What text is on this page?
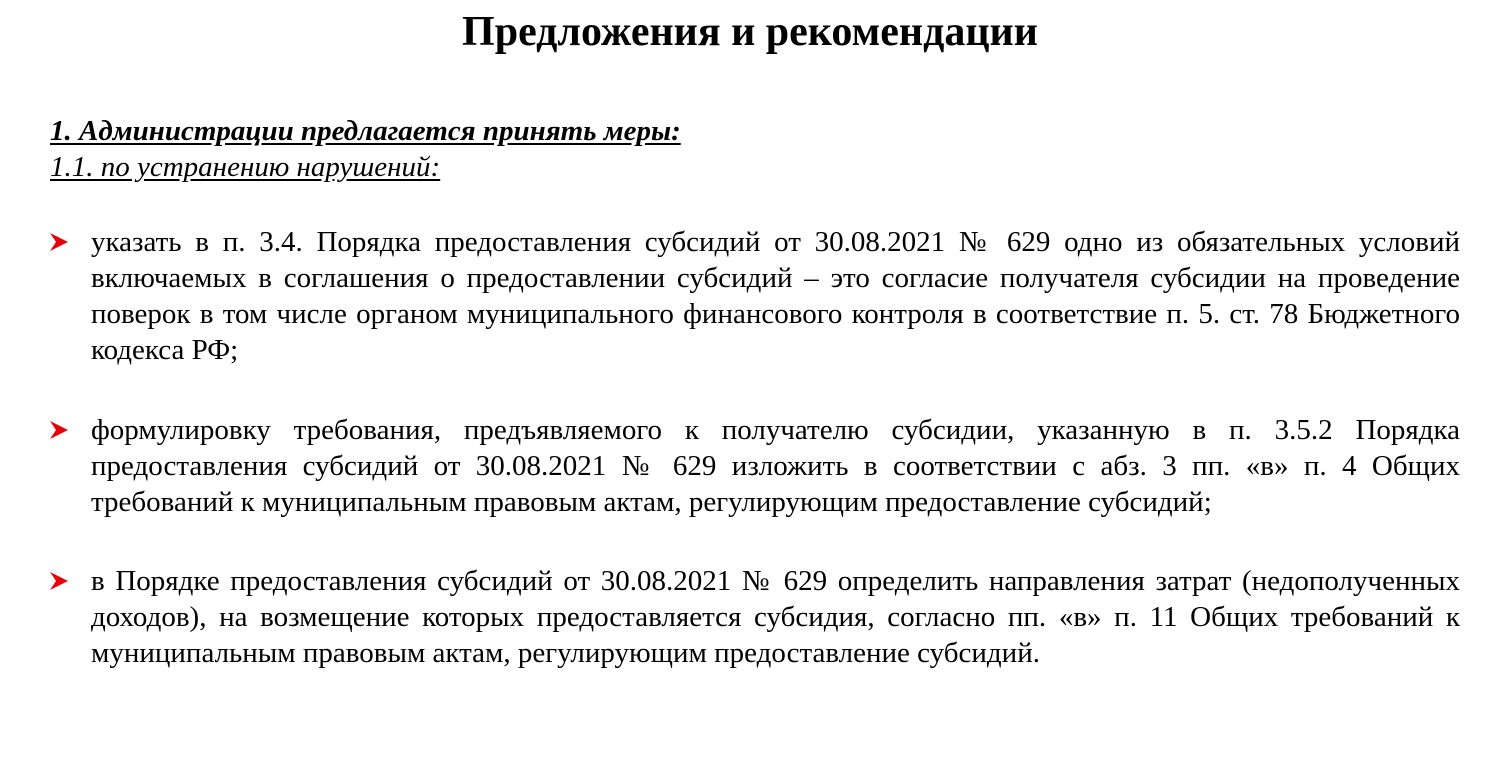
Предложения и рекомендации

1. Администрации предлагается принять меры:

1.1. по устранению нарушений:

указать в п. 3.4. Порядка предоставления субсидий от 30.08.2021 № 629 одно из обязательных условий включаемых в соглашения о предоставлении субсидий – это согласие получателя субсидии на проведение поверок в том числе органом муниципального финансового контроля в соответствие п. 5. ст. 78 Бюджетного кодекса РФ;

формулировку требования, предъявляемого к получателю субсидии, указанную в п. 3.5.2 Порядка предоставления субсидий от 30.08.2021 № 629 изложить в соответствии с абз. 3 пп. «в» п. 4 Общих требований к муниципальным правовым актам, регулирующим предоставление субсидий;

в Порядке предоставления субсидий от 30.08.2021 № 629 определить направления затрат (недополученных доходов), на возмещение которых предоставляется субсидия, согласно пп. «в» п. 11 Общих требований к муниципальным правовым актам, регулирующим предоставление субсидий.
